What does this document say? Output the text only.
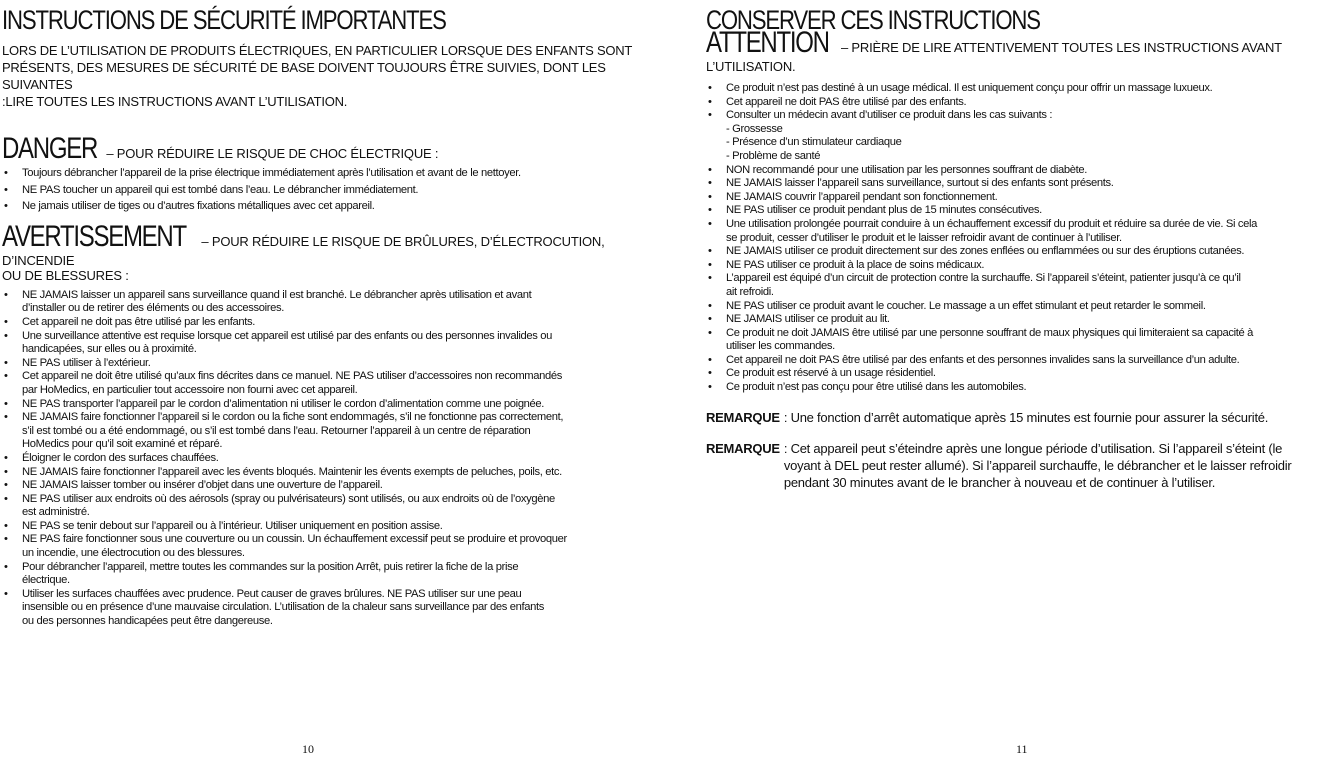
INSTRUCTIONS DE SÉCURITÉ IMPORTANTES
LORS DE L’UTILISATION DE PRODUITS ÉLECTRIQUES, EN PARTICULIER LORSQUE DES ENFANTS SONT
PRÉSENTS, DES MESURES DE SÉCURITÉ DE BASE DOIVENT TOUJOURS ÊTRE SUIVIES, DONT LES SUIVANTES
:LIRE TOUTES LES INSTRUCTIONS AVANT L’UTILISATION.
DANGER – POUR RÉDUIRE LE RISQUE DE CHOC ÉLECTRIQUE :
• Toujours débrancher l’appareil de la prise électrique immédiatement après l’utilisation et avant de le nettoyer.
• NE PAS toucher un appareil qui est tombé dans l’eau. Le débrancher immédiatement.
• Ne jamais utiliser de tiges ou d’autres fixations métalliques avec cet appareil.
AVERTISSEMENT – POUR RÉDUIRE LE RISQUE DE BRÛLURES, D’ÉLECTROCUTION, D’INCENDIE
OU DE BLESSURES :
• NE JAMAIS laisser un appareil sans surveillance quand il est branché. Le débrancher après utilisation et avant
d’installer ou de retirer des éléments ou des accessoires.
• Cet appareil ne doit pas être utilisé par les enfants.
• Une surveillance attentive est requise lorsque cet appareil est utilisé par des enfants ou des personnes invalides ou
handicapées, sur elles ou à proximité.
• NE PAS utiliser à l’extérieur.
• Cet appareil ne doit être utilisé qu’aux fins décrites dans ce manuel. NE PAS utiliser d’accessoires non recommandés
par HoMedics, en particulier tout accessoire non fourni avec cet appareil.
• NE PAS transporter l’appareil par le cordon d’alimentation ni utiliser le cordon d’alimentation comme une poignée.
• NE JAMAIS faire fonctionner l’appareil si le cordon ou la fiche sont endommagés, s’il ne fonctionne pas correctement,
s’il est tombé ou a été endommagé, ou s’il est tombé dans l’eau. Retourner l’appareil à un centre de réparation
HoMedics pour qu’il soit examiné et réparé.
• Éloigner le cordon des surfaces chauffées.
• NE JAMAIS faire fonctionner l’appareil avec les évents bloqués. Maintenir les évents exempts de peluches, poils, etc.
• NE JAMAIS laisser tomber ou insérer d’objet dans une ouverture de l’appareil.
• NE PAS utiliser aux endroits où des aérosols (spray ou pulvérisateurs) sont utilisés, ou aux endroits où de l’oxygène
est administré.
• NE PAS se tenir debout sur l’appareil ou à l’intérieur. Utiliser uniquement en position assise.
• NE PAS faire fonctionner sous une couverture ou un coussin. Un échauffement excessif peut se produire et provoquer
un incendie, une électrocution ou des blessures.
• Pour débrancher l’appareil, mettre toutes les commandes sur la position Arrêt, puis retirer la fiche de la prise
électrique.
• Utiliser les surfaces chauffées avec prudence. Peut causer de graves brûlures. NE PAS utiliser sur une peau
insensible ou en présence d’une mauvaise circulation. L’utilisation de la chaleur sans surveillance par des enfants
ou des personnes handicapées peut être dangereuse.
10
CONSERVER CES INSTRUCTIONS
ATTENTION – PRIÈRE DE LIRE ATTENTIVEMENT TOUTES LES INSTRUCTIONS AVANT L’UTILISATION.
• Ce produit n’est pas destiné à un usage médical. Il est uniquement conçu pour offrir un massage luxueux.
• Cet appareil ne doit PAS être utilisé par des enfants.
• Consulter un médecin avant d’utiliser ce produit dans les cas suivants :
- Grossesse
- Présence d’un stimulateur cardiaque
- Problème de santé
• NON recommandé pour une utilisation par les personnes souffrant de diabète.
• NE JAMAIS laisser l’appareil sans surveillance, surtout si des enfants sont présents.
• NE JAMAIS couvrir l’appareil pendant son fonctionnement.
• NE PAS utiliser ce produit pendant plus de 15 minutes consécutives.
• Une utilisation prolongée pourrait conduire à un échauffement excessif du produit et réduire sa durée de vie. Si cela
se produit, cesser d’utiliser le produit et le laisser refroidir avant de continuer à l’utiliser.
• NE JAMAIS utiliser ce produit directement sur des zones enflées ou enflammées ou sur des éruptions cutanées.
• NE PAS utiliser ce produit à la place de soins médicaux.
• L’appareil est équipé d’un circuit de protection contre la surchauffe. Si l’appareil s’éteint, patienter jusqu’à ce qu’il
ait refroidi.
• NE PAS utiliser ce produit avant le coucher. Le massage a un effet stimulant et peut retarder le sommeil.
• NE JAMAIS utiliser ce produit au lit.
• Ce produit ne doit JAMAIS être utilisé par une personne souffrant de maux physiques qui limiteraient sa capacité à
utiliser les commandes.
• Cet appareil ne doit PAS être utilisé par des enfants et des personnes invalides sans la surveillance d’un adulte.
• Ce produit est réservé à un usage résidentiel.
• Ce produit n’est pas conçu pour être utilisé dans les automobiles.
REMARQUE : Une fonction d’arrêt automatique après 15 minutes est fournie pour assurer la sécurité.
REMARQUE : Cet appareil peut s’éteindre après une longue période d’utilisation. Si l’appareil s’éteint (le
voyant à DEL peut rester allumé). Si l’appareil surchauffe, le débrancher et le laisser refroidir
pendant 30 minutes avant de le brancher à nouveau et de continuer à l’utiliser.
11
